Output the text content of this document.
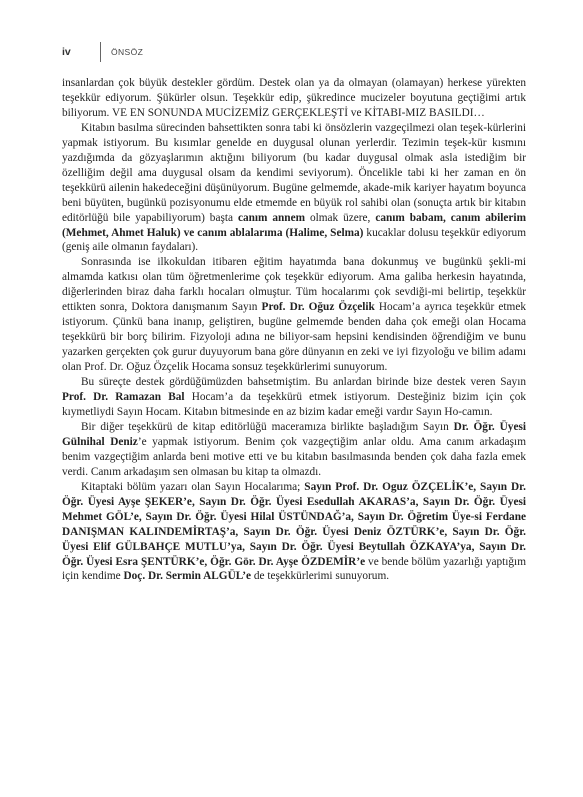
iv	ÖNSÖZ

insanlardan çok büyük destekler gördüm. Destek olan ya da olmayan (olamayan) herkese yürekten teşekkür ediyorum. Şükürler olsun. Teşekkür edip, şükredince mucizeler boyutuna geçtiğimi artık biliyorum. VE EN SONUNDA MUCİZEMİZ GERÇEKLEŞTİ ve KİTABI-MIZ BASILDI…

Kitabın basılma sürecinden bahsettikten sonra tabi ki önsözlerin vazgeçilmezi olan teşek-kürlerini yapmak istiyorum. Bu kısımlar genelde en duygusal olunan yerlerdir. Tezimin teşek-kür kısmını yazdığımda da gözyaşlarımın aktığını biliyorum (bu kadar duygusal olmak asla istediğim bir özelliğim değil ama duygusal olsam da kendimi seviyorum). Öncelikle tabi ki her zaman en ön teşekkürü ailenin hakedeceğini düşünüyorum. Bugüne gelmemde, akade-mik kariyer hayatım boyunca beni büyüten, bugünkü pozisyonumu elde etmemde en büyük rol sahibi olan (sonuçta artık bir kitabın editörlüğü bile yapabiliyorum) başta canım annem olmak üzere, canım babam, canım abilerim (Mehmet, Ahmet Haluk) ve canım ablalarıma (Halime, Selma) kucaklar dolusu teşekkür ediyorum (geniş aile olmanın faydaları).

Sonrasında ise ilkokuldan itibaren eğitim hayatımda bana dokunmuş ve bugünkü şekli-mi almamda katkısı olan tüm öğretmenlerime çok teşekkür ediyorum. Ama galiba herkesin hayatında, diğerlerinden biraz daha farklı hocaları olmuştur. Tüm hocalarımı çok sevdiği-mi belirtip, teşekkür ettikten sonra, Doktora danışmanım Sayın Prof. Dr. Oğuz Özçelik Hocam’a ayrıca teşekkür etmek istiyorum. Çünkü bana inanıp, geliştiren, bugüne gelmemde benden daha çok emeği olan Hocama teşekkürü bir borç bilirim. Fizyoloji adına ne biliyor-sam hepsini kendisinden öğrendiğim ve bunu yazarken gerçekten çok gurur duyuyorum bana göre dünyanın en zeki ve iyi fizyoloğu ve bilim adamı olan Prof. Dr. Oğuz Özçelik Hocama sonsuz teşekkürlerimi sunuyorum.

Bu süreçte destek gördüğümüzden bahsetmiştim. Bu anlardan birinde bize destek veren Sayın Prof. Dr. Ramazan Bal Hocam’a da teşekkürü etmek istiyorum. Desteğiniz bizim için çok kıymetliydi Sayın Hocam. Kitabın bitmesinde en az bizim kadar emeği vardır Sayın Ho-camın.

Bir diğer teşekkürü de kitap editörlüğü maceramıza birlikte başladığım Sayın Dr. Öğr. Üyesi Gülnihal Deniz’e yapmak istiyorum. Benim çok vazgeçtiğim anlar oldu. Ama canım arkadaşım benim vazgeçtiğim anlarda beni motive etti ve bu kitabın basılmasında benden çok daha fazla emek verdi. Canım arkadaşım sen olmasan bu kitap ta olmazdı.

Kitaptaki bölüm yazarı olan Sayın Hocalarıma; Sayın Prof. Dr. Oguz ÖZÇELİK’e, Sayın Dr. Öğr. Üyesi Ayşe ŞEKER’e, Sayın Dr. Öğr. Üyesi Esedullah AKARAS’a, Sayın Dr. Öğr. Üyesi Mehmet GÖL’e, Sayın Dr. Öğr. Üyesi Hilal ÜSTÜNDAĞ’a, Sayın Dr. Öğretim Üye-si Ferdane DANIŞMAN KALINDEMİRTAŞ’a, Sayın Dr. Öğr. Üyesi Deniz ÖZTÜRK’e, Sayın Dr. Öğr. Üyesi Elif GÜLBAHÇE MUTLU’ya, Sayın Dr. Öğr. Üyesi Beytullah ÖZKAYA’ya, Sayın Dr. Öğr. Üyesi Esra ŞENTÜRK’e, Öğr. Gör. Dr. Ayşe ÖZDEMİR’e ve bende bölüm yazarlığı yaptığım için kendime Doç. Dr. Sermin ALGÜL’e de teşekkürlerimi sunuyorum.
